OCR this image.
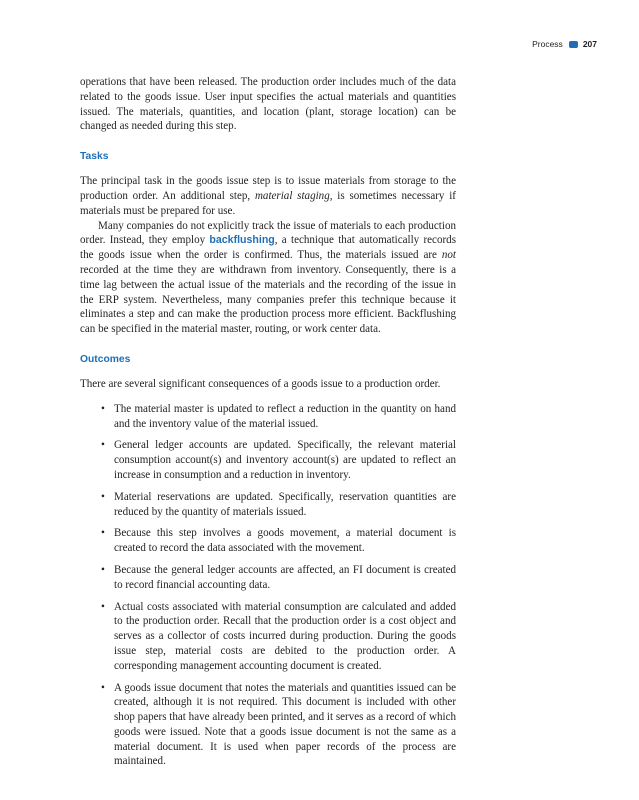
Process 207

operations that have been released. The production order includes much of the data related to the goods issue. User input specifies the actual materials and quantities issued. The materials, quantities, and location (plant, storage location) can be changed as needed during this step.

Tasks

The principal task in the goods issue step is to issue materials from storage to the production order. An additional step, material staging, is sometimes necessary if materials must be prepared for use.

Many companies do not explicitly track the issue of materials to each production order. Instead, they employ backflushing, a technique that automatically records the goods issue when the order is confirmed. Thus, the materials issued are not recorded at the time they are withdrawn from inventory. Consequently, there is a time lag between the actual issue of the materials and the recording of the issue in the ERP system. Nevertheless, many companies prefer this technique because it eliminates a step and can make the production process more efficient. Backflushing can be specified in the material master, routing, or work center data.

Outcomes

There are several significant consequences of a goods issue to a production order.

• The material master is updated to reflect a reduction in the quantity on hand and the inventory value of the material issued.

• General ledger accounts are updated. Specifically, the relevant material consumption account(s) and inventory account(s) are updated to reflect an increase in consumption and a reduction in inventory.

• Material reservations are updated. Specifically, reservation quantities are reduced by the quantity of materials issued.

• Because this step involves a goods movement, a material document is created to record the data associated with the movement.

• Because the general ledger accounts are affected, an FI document is created to record financial accounting data.

• Actual costs associated with material consumption are calculated and added to the production order. Recall that the production order is a cost object and serves as a collector of costs incurred during production. During the goods issue step, material costs are debited to the production order. A corresponding management accounting document is created.

• A goods issue document that notes the materials and quantities issued can be created, although it is not required. This document is included with other shop papers that have already been printed, and it serves as a record of which goods were issued. Note that a goods issue document is not the same as a material document. It is used when paper records of the process are maintained.
